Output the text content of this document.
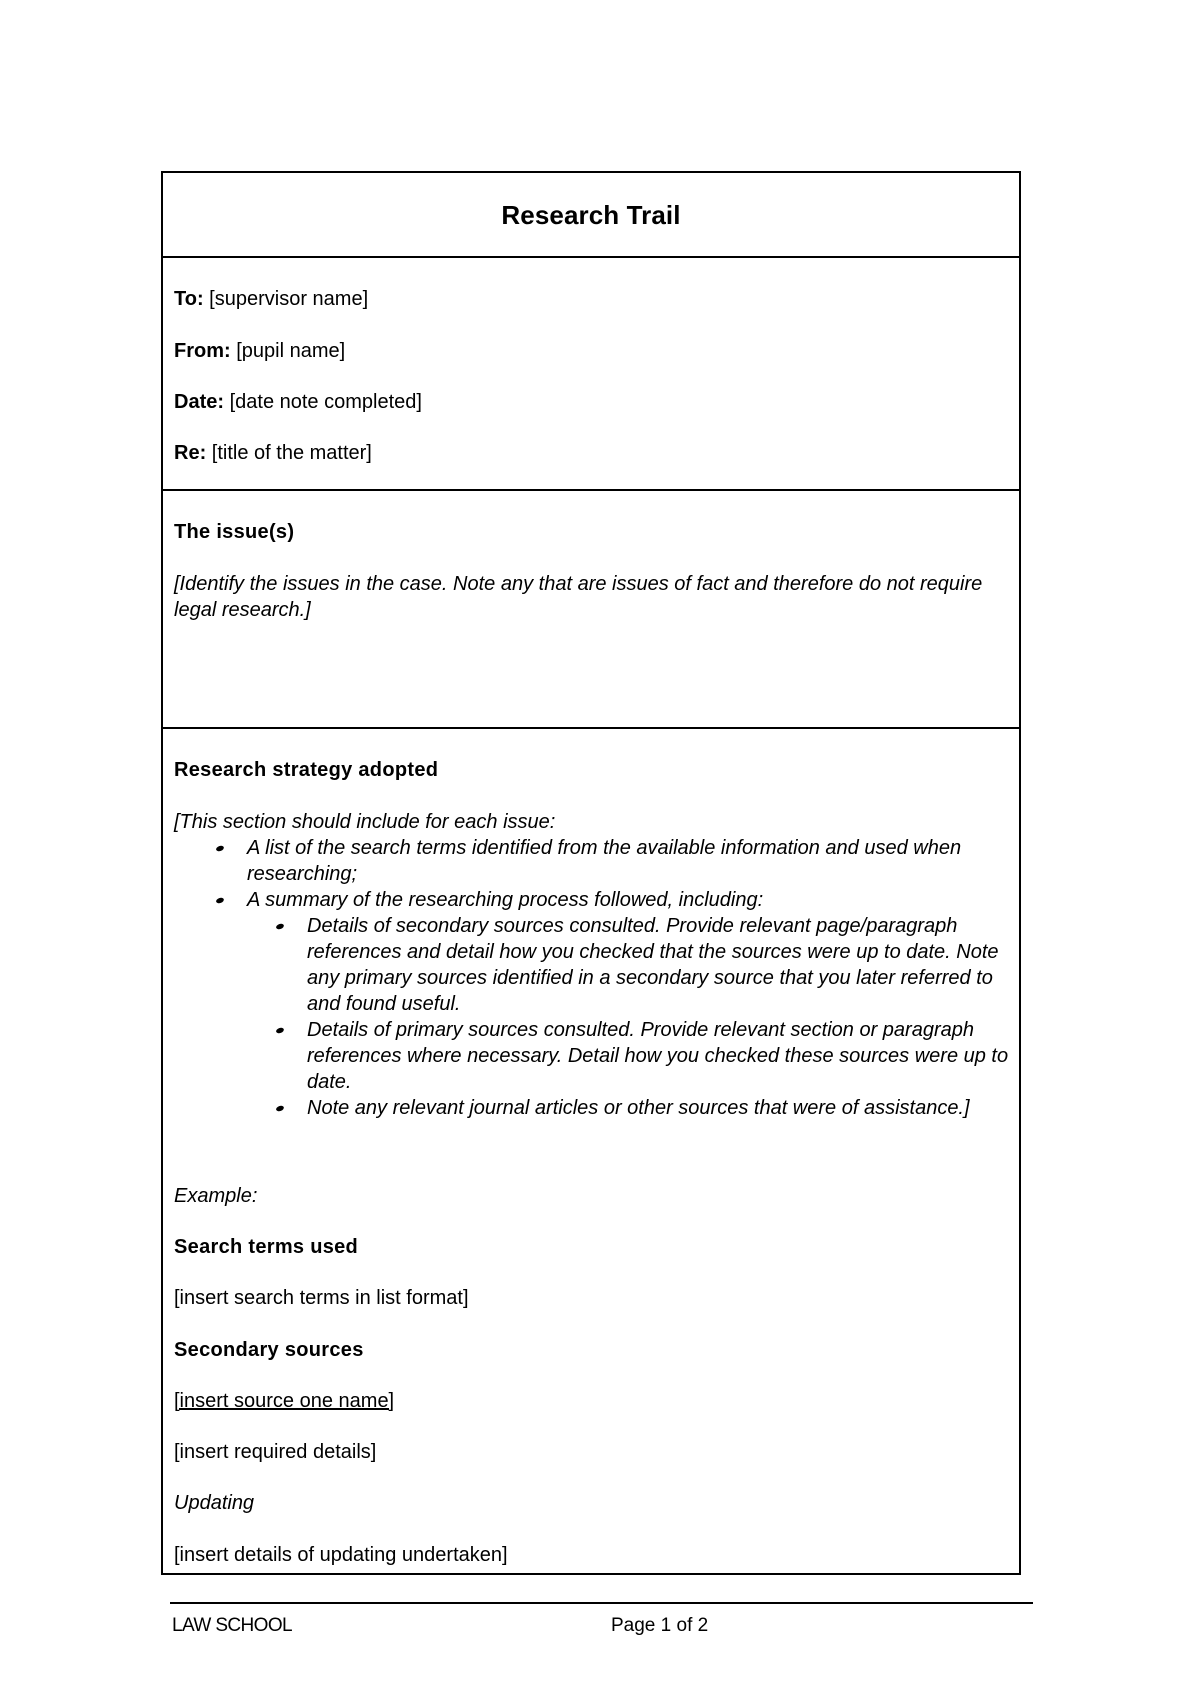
Research Trail

To: [supervisor name]

From: [pupil name]

Date: [date note completed]

Re: [title of the matter]

The issue(s)

[Identify the issues in the case. Note any that are issues of fact and therefore do not require legal research.]

Research strategy adopted

[This section should include for each issue:

A list of the search terms identified from the available information and used when researching;
A summary of the researching process followed, including:
Details of secondary sources consulted. Provide relevant page/paragraph references and detail how you checked that the sources were up to date. Note any primary sources identified in a secondary source that you later referred to and found useful.
Details of primary sources consulted. Provide relevant section or paragraph references where necessary. Detail how you checked these sources were up to date.
Note any relevant journal articles or other sources that were of assistance.]

Example:

Search terms used

[insert search terms in list format]

Secondary sources

[insert source one name]

[insert required details]

Updating

[insert details of updating undertaken]

LAW SCHOOL	Page 1 of 2
